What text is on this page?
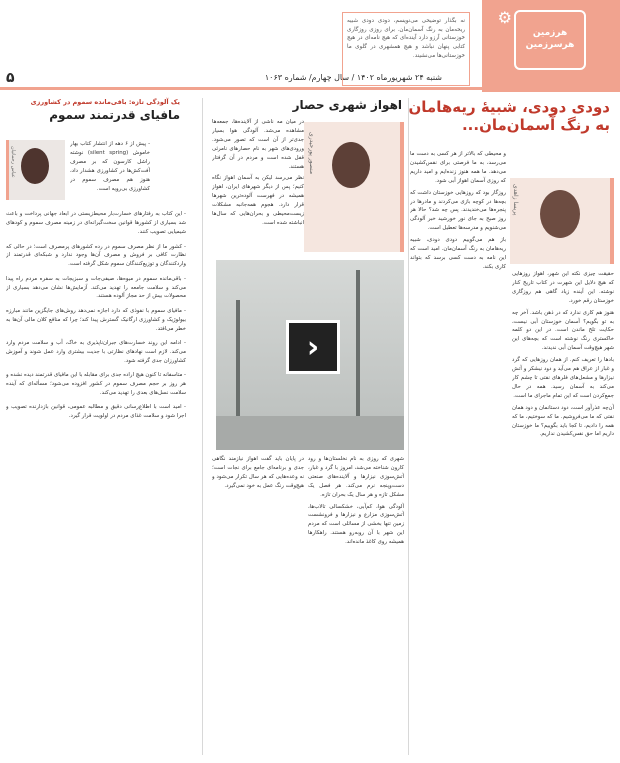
⚙
هرزمین هرسرزمین
۵	شنبه ۲۴ شهریورماه ۱۴۰۲ / سال چهارم/ شماره ۱۰۶۳
نه بگذار توضیحی می‌نویسم، دودی دودی شبیه ریحه‌مان به رنگ آسمان‌مان. برای روزی روزگاری خوزستانی آرزو دارد آینده‌ای که هیچ نامه‌ای در هیچ کتابی پنهان نباشد و هیچ همشهری در گلوی ما خوزستانی‌ها می‌نشیند.
دودی دودی، شبیهٔ ریه‌هامان به رنگ آسمان‌مان...
پریسا زاهدی

حقیقت چیزی نکته این شهر، اهواز روزهایی که هیچ دلایل این شهرت در کتاب تاریخ کنار نوشته. این آینده زیاد گاهی هم روزگاری خوزستان رقم خورد.

هنوز هم کاری ندارد که در ذهن باشد. آخر چه به تو بگویم؟ آسمان خوزستان آبی نیست، حکایت تلخ ماندن است. در این دو کلمه خاکستری رنگ نوشته است که بچه‌های این شهر هیچ‌وقت آسمان آبی ندیدند.

بادها را تعریف کنم. از همان روزهایی که گرد و غبار از عراق هم می‌آید و دود نیشکر و آتش نیزارها و مشعل‌های فلرهای نفتی تا چشم کار می‌کند به آسمان رسید. همه در حال جمع‌کردن است که این تمام ماجرای ما است.

آن‌چه عذرآور است، دود دستانمان و دود همان نفتی که ما می‌فروشیم. ما که سوختیم، ما که همه را دادیم، تا کجا باید بگوییم؟ ما خوزستان داریم اما حق نفس‌کشیدن نداریم.

و محیطی که بالاتر از هر کسی به دست ما می‌رسد، به ما فرصتی برای نفس‌کشیدن می‌دهد. ما همه هنوز زنده‌ایم و امید داریم که روزی آسمان اهواز آبی شود.

روزگار بود که روزهایی خوزستان داشت که بچه‌ها در کوچه بازی می‌کردند و مادرها در پنجره‌ها می‌خندیدند. پس چه شد؟ حالا هر روز صبح به جای نور خورشید خبر آلودگی می‌شنویم و مدرسه‌ها تعطیل است.

باز هم می‌گوییم دودی دودی، شبیه ریه‌هامان به رنگ آسمان‌مان. امید است که این نامه به دست کسی برسد که بتواند کاری بکند.

اهواز شهری حصار
منصور پورحیدری

در میان مه ناشی از آلاینده‌ها، جمعه‌ها مشاهده می‌شد. آلودگی هوا بسیار جدی‌تر از آن است که تصور می‌شود. ورودی‌های شهر به نام حصارهای نامرئی قفل شده است و مردم در آن گرفتار هستند.

نظر می‌رسد لیکن به آسمان اهواز نگاه کنیم؛ پس از دیگر شهرهای ایران، اهواز همیشه در فهرست آلوده‌ترین شهرها قرار دارد. هجوم همه‌جانبه مشکلات زیست‌محیطی و بحران‌هایی که سال‌ها انباشته شده است.

‹

شهری که روزی به نام نخلستان‌ها و رود کارون شناخته می‌شد، امروز با گرد و غبار، آتش‌سوزی نیزارها و آلاینده‌های صنعتی دست‌وپنجه نرم می‌کند. هر فصل یک مشکل تازه و هر سال یک بحران تازه.

آلودگی هوا، کم‌آبی، خشکسالی تالاب‌ها، آتش‌سوزی مزارع و نیزارها و فرونشست زمین تنها بخشی از مسائلی است که مردم این شهر با آن روبه‌رو هستند. راهکارها همیشه روی کاغذ مانده‌اند.

در پایان باید گفت اهواز نیازمند نگاهی جدی و برنامه‌ای جامع برای نجات است؛ نه وعده‌هایی که هر سال تکرار می‌شود و هیچ‌وقت رنگ عمل به خود نمی‌گیرد.

یک آلودگی تازه: باقی‌مانده سموم در کشاورزی
مافیای قدرتمند سموم
عباس رحمانیان

- پیش از ۶ دهه از انتشار کتاب بهار خاموش (silent spring) نوشته راشل کارسون که بر مصرف آفت‌کش‌ها در کشاورزی هشدار داد، هنوز هم مصرف سموم در کشاورزی بی‌رویه است.

- این کتاب به رفتارهای خسارت‌بار محیط‌زیستی در ابعاد جهانی پرداخت و باعث شد بسیاری از کشورها قوانین سخت‌گیرانه‌ای در زمینه مصرف سموم و کودهای شیمیایی تصویب کنند.

- کشور ما از نظر مصرف سموم در رده کشورهای پرمصرف است؛ در حالی که نظارت کافی بر فروش و مصرف آن‌ها وجود ندارد و شبکه‌ای قدرتمند از واردکنندگان و توزیع‌کنندگان سموم شکل گرفته است.

- باقی‌مانده سموم در میوه‌ها، صیفی‌جات و سبزیجات به سفره مردم راه پیدا می‌کند و سلامت جامعه را تهدید می‌کند. آزمایش‌ها نشان می‌دهد بسیاری از محصولات بیش از حد مجاز آلوده هستند.

- مافیای سموم با نفوذی که دارد اجازه نمی‌دهد روش‌های جایگزین مانند مبارزه بیولوژیک و کشاورزی ارگانیک گسترش پیدا کند؛ چرا که منافع کلان مالی آن‌ها به خطر می‌افتد.

- ادامه این روند خسارت‌های جبران‌ناپذیری به خاک، آب و سلامت مردم وارد می‌کند. لازم است نهادهای نظارتی با جدیت بیشتری وارد عمل شوند و آموزش کشاورزان جدی گرفته شود.

- متاسفانه تا کنون هیچ اراده جدی برای مقابله با این مافیای قدرتمند دیده نشده و هر روز بر حجم مصرف سموم در کشور افزوده می‌شود؛ مسأله‌ای که آینده سلامت نسل‌های بعدی را تهدید می‌کند.

- امید است با اطلاع‌رسانی دقیق و مطالبه عمومی، قوانین بازدارنده تصویب و اجرا شود و سلامت غذای مردم در اولویت قرار گیرد.
